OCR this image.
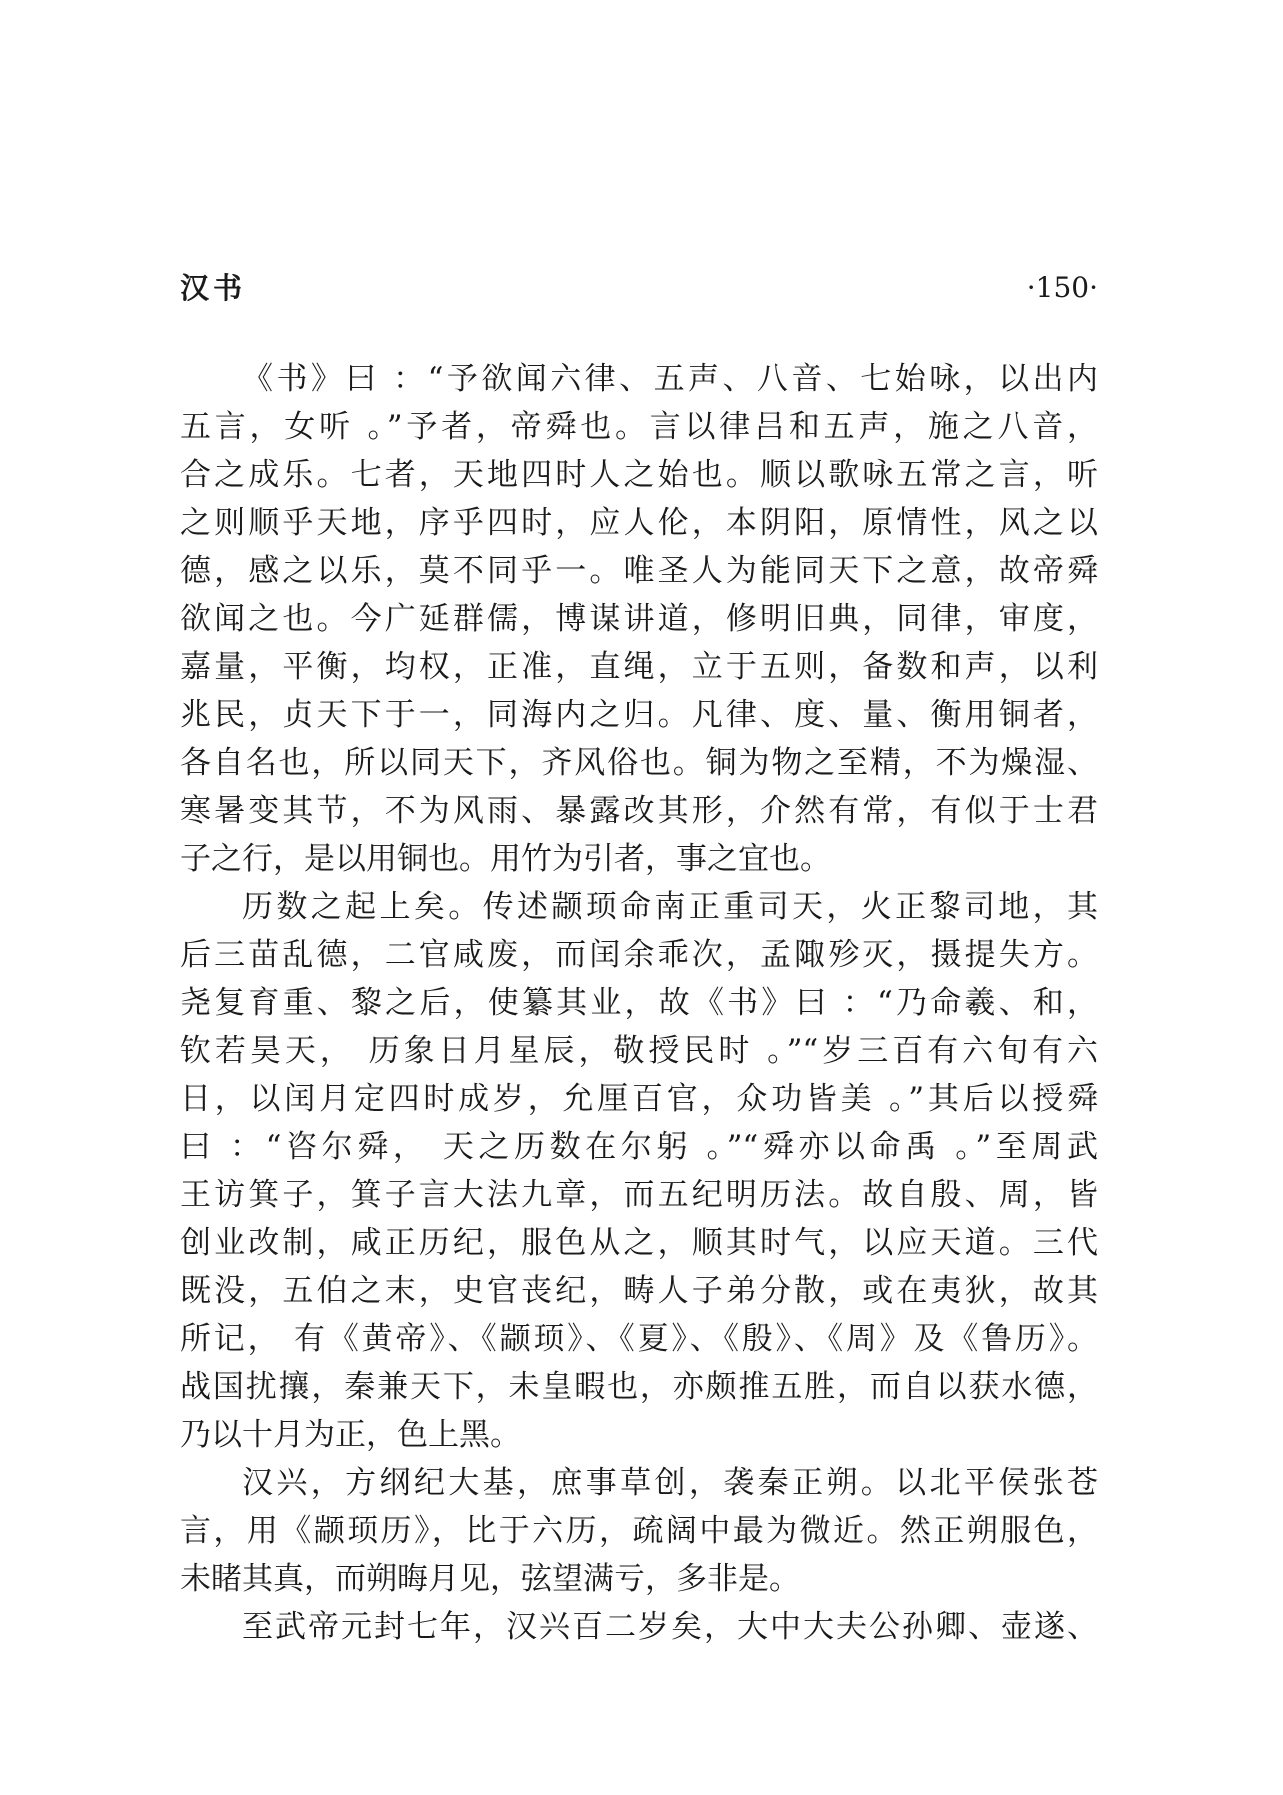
汉书	·150·
《书》曰 ：“予欲闻六律、五声、八音、七始咏，以出内
五言，女听 。”予者，帝舜也。言以律吕和五声，施之八音，
合之成乐。七者，天地四时人之始也。顺以歌咏五常之言，听
之则顺乎天地，序乎四时，应人伦，本阴阳，原情性，风之以
德，感之以乐，莫不同乎一。唯圣人为能同天下之意，故帝舜
欲闻之也。今广延群儒，博谋讲道，修明旧典，同律，审度，
嘉量，平衡，均权，正准，直绳，立于五则，备数和声，以利
兆民，贞天下于一，同海内之归。凡律、度、量、衡用铜者，
各自名也，所以同天下，齐风俗也。铜为物之至精，不为燥湿、
寒暑变其节，不为风雨、暴露改其形，介然有常，有似于士君
子之行，是以用铜也。用竹为引者，事之宜也。
历数之起上矣。传述颛顼命南正重司天，火正黎司地，其
后三苗乱德，二官咸废，而闰余乖次，孟陬殄灭，摄提失方。
尧复育重、黎之后，使纂其业，故《书》曰 ：“乃命羲、和，
钦若昊天， 历象日月星辰，敬授民时 。”“岁三百有六旬有六
日，以闰月定四时成岁，允厘百官，众功皆美 。”其后以授舜
曰 ：“咨尔舜， 天之历数在尔躬 。”“舜亦以命禹 。”至周武
王访箕子，箕子言大法九章，而五纪明历法。故自殷、周，皆
创业改制，咸正历纪，服色从之，顺其时气，以应天道。三代
既没，五伯之末，史官丧纪，畴人子弟分散，或在夷狄，故其
所记， 有《黄帝》、《颛顼》、《夏》、《殷》、《周》及《鲁历》。
战国扰攘，秦兼天下，未皇暇也，亦颇推五胜，而自以获水德，
乃以十月为正，色上黑。
汉兴，方纲纪大基，庶事草创，袭秦正朔。以北平侯张苍
言，用《颛顼历》，比于六历，疏阔中最为微近。然正朔服色，
未睹其真，而朔晦月见，弦望满亏，多非是。
至武帝元封七年，汉兴百二岁矣，大中大夫公孙卿、壶遂、
